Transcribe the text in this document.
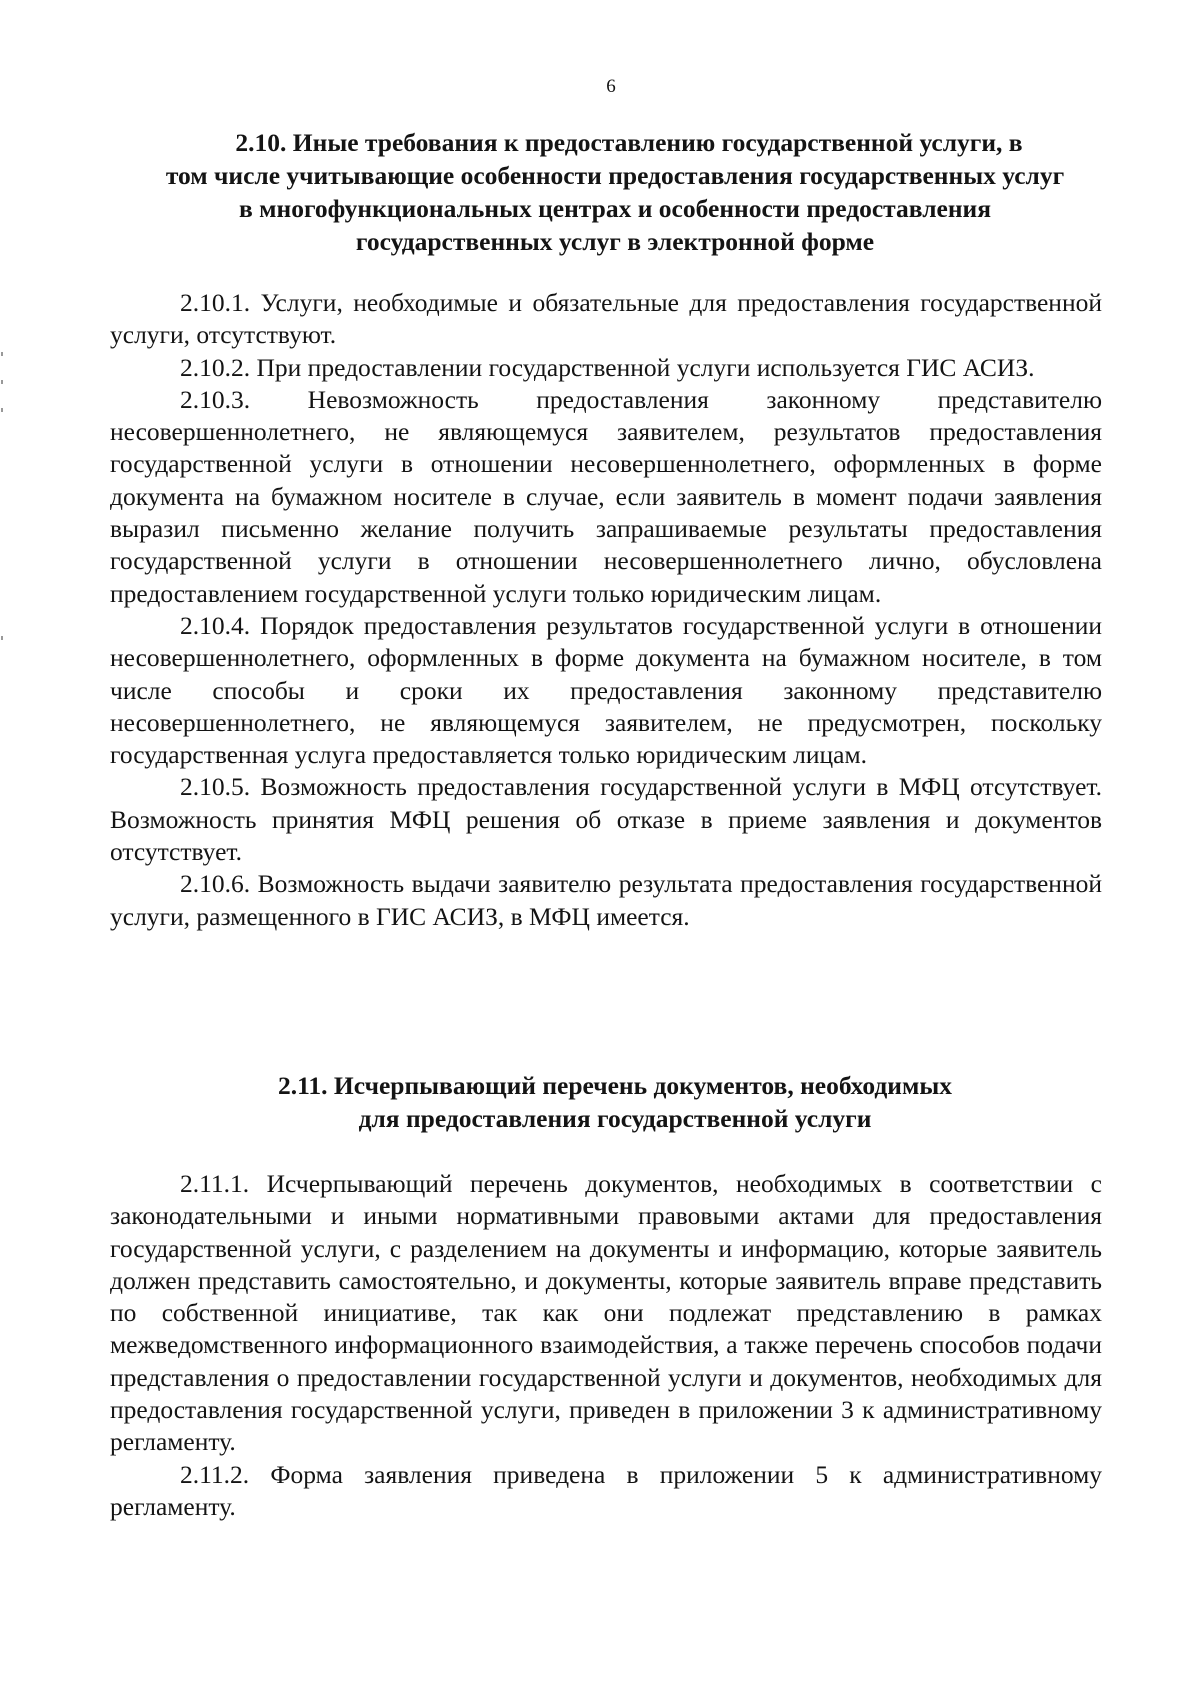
6
2.10. Иные требования к предоставлению государственной услуги, в
том числе учитывающие особенности предоставления государственных услуг
в многофункциональных центрах и особенности предоставления
государственных услуг в электронной форме

2.10.1. Услуги, необходимые и обязательные для предоставления государственной услуги, отсутствуют.

2.10.2. При предоставлении государственной услуги используется ГИС АСИЗ.

2.10.3. Невозможность предоставления законному представителю несовершеннолетнего, не являющемуся заявителем, результатов предоставления государственной услуги в отношении несовершеннолетнего, оформленных в форме документа на бумажном носителе в случае, если заявитель в момент подачи заявления выразил письменно желание получить запрашиваемые результаты предоставления государственной услуги в отношении несовершеннолетнего лично, обусловлена предоставлением государственной услуги только юридическим лицам.

2.10.4. Порядок предоставления результатов государственной услуги в отношении несовершеннолетнего, оформленных в форме документа на бумажном носителе, в том числе способы и сроки их предоставления законному представителю несовершеннолетнего, не являющемуся заявителем, не предусмотрен, поскольку государственная услуга предоставляется только юридическим лицам.

2.10.5. Возможность предоставления государственной услуги в МФЦ отсутствует. Возможность принятия МФЦ решения об отказе в приеме заявления и документов отсутствует.

2.10.6. Возможность выдачи заявителю результата предоставления государственной услуги, размещенного в ГИС АСИЗ, в МФЦ имеется.

2.11. Исчерпывающий перечень документов, необходимых
для предоставления государственной услуги

2.11.1. Исчерпывающий перечень документов, необходимых в соответствии с законодательными и иными нормативными правовыми актами для предоставления государственной услуги, с разделением на документы и информацию, которые заявитель должен представить самостоятельно, и документы, которые заявитель вправе представить по собственной инициативе, так как они подлежат представлению в рамках межведомственного информационного взаимодействия, а также перечень способов подачи представления о предоставлении государственной услуги и документов, необходимых для предоставления государственной услуги, приведен в приложении 3 к административному регламенту.

2.11.2. Форма заявления приведена в приложении 5 к административному регламенту.
